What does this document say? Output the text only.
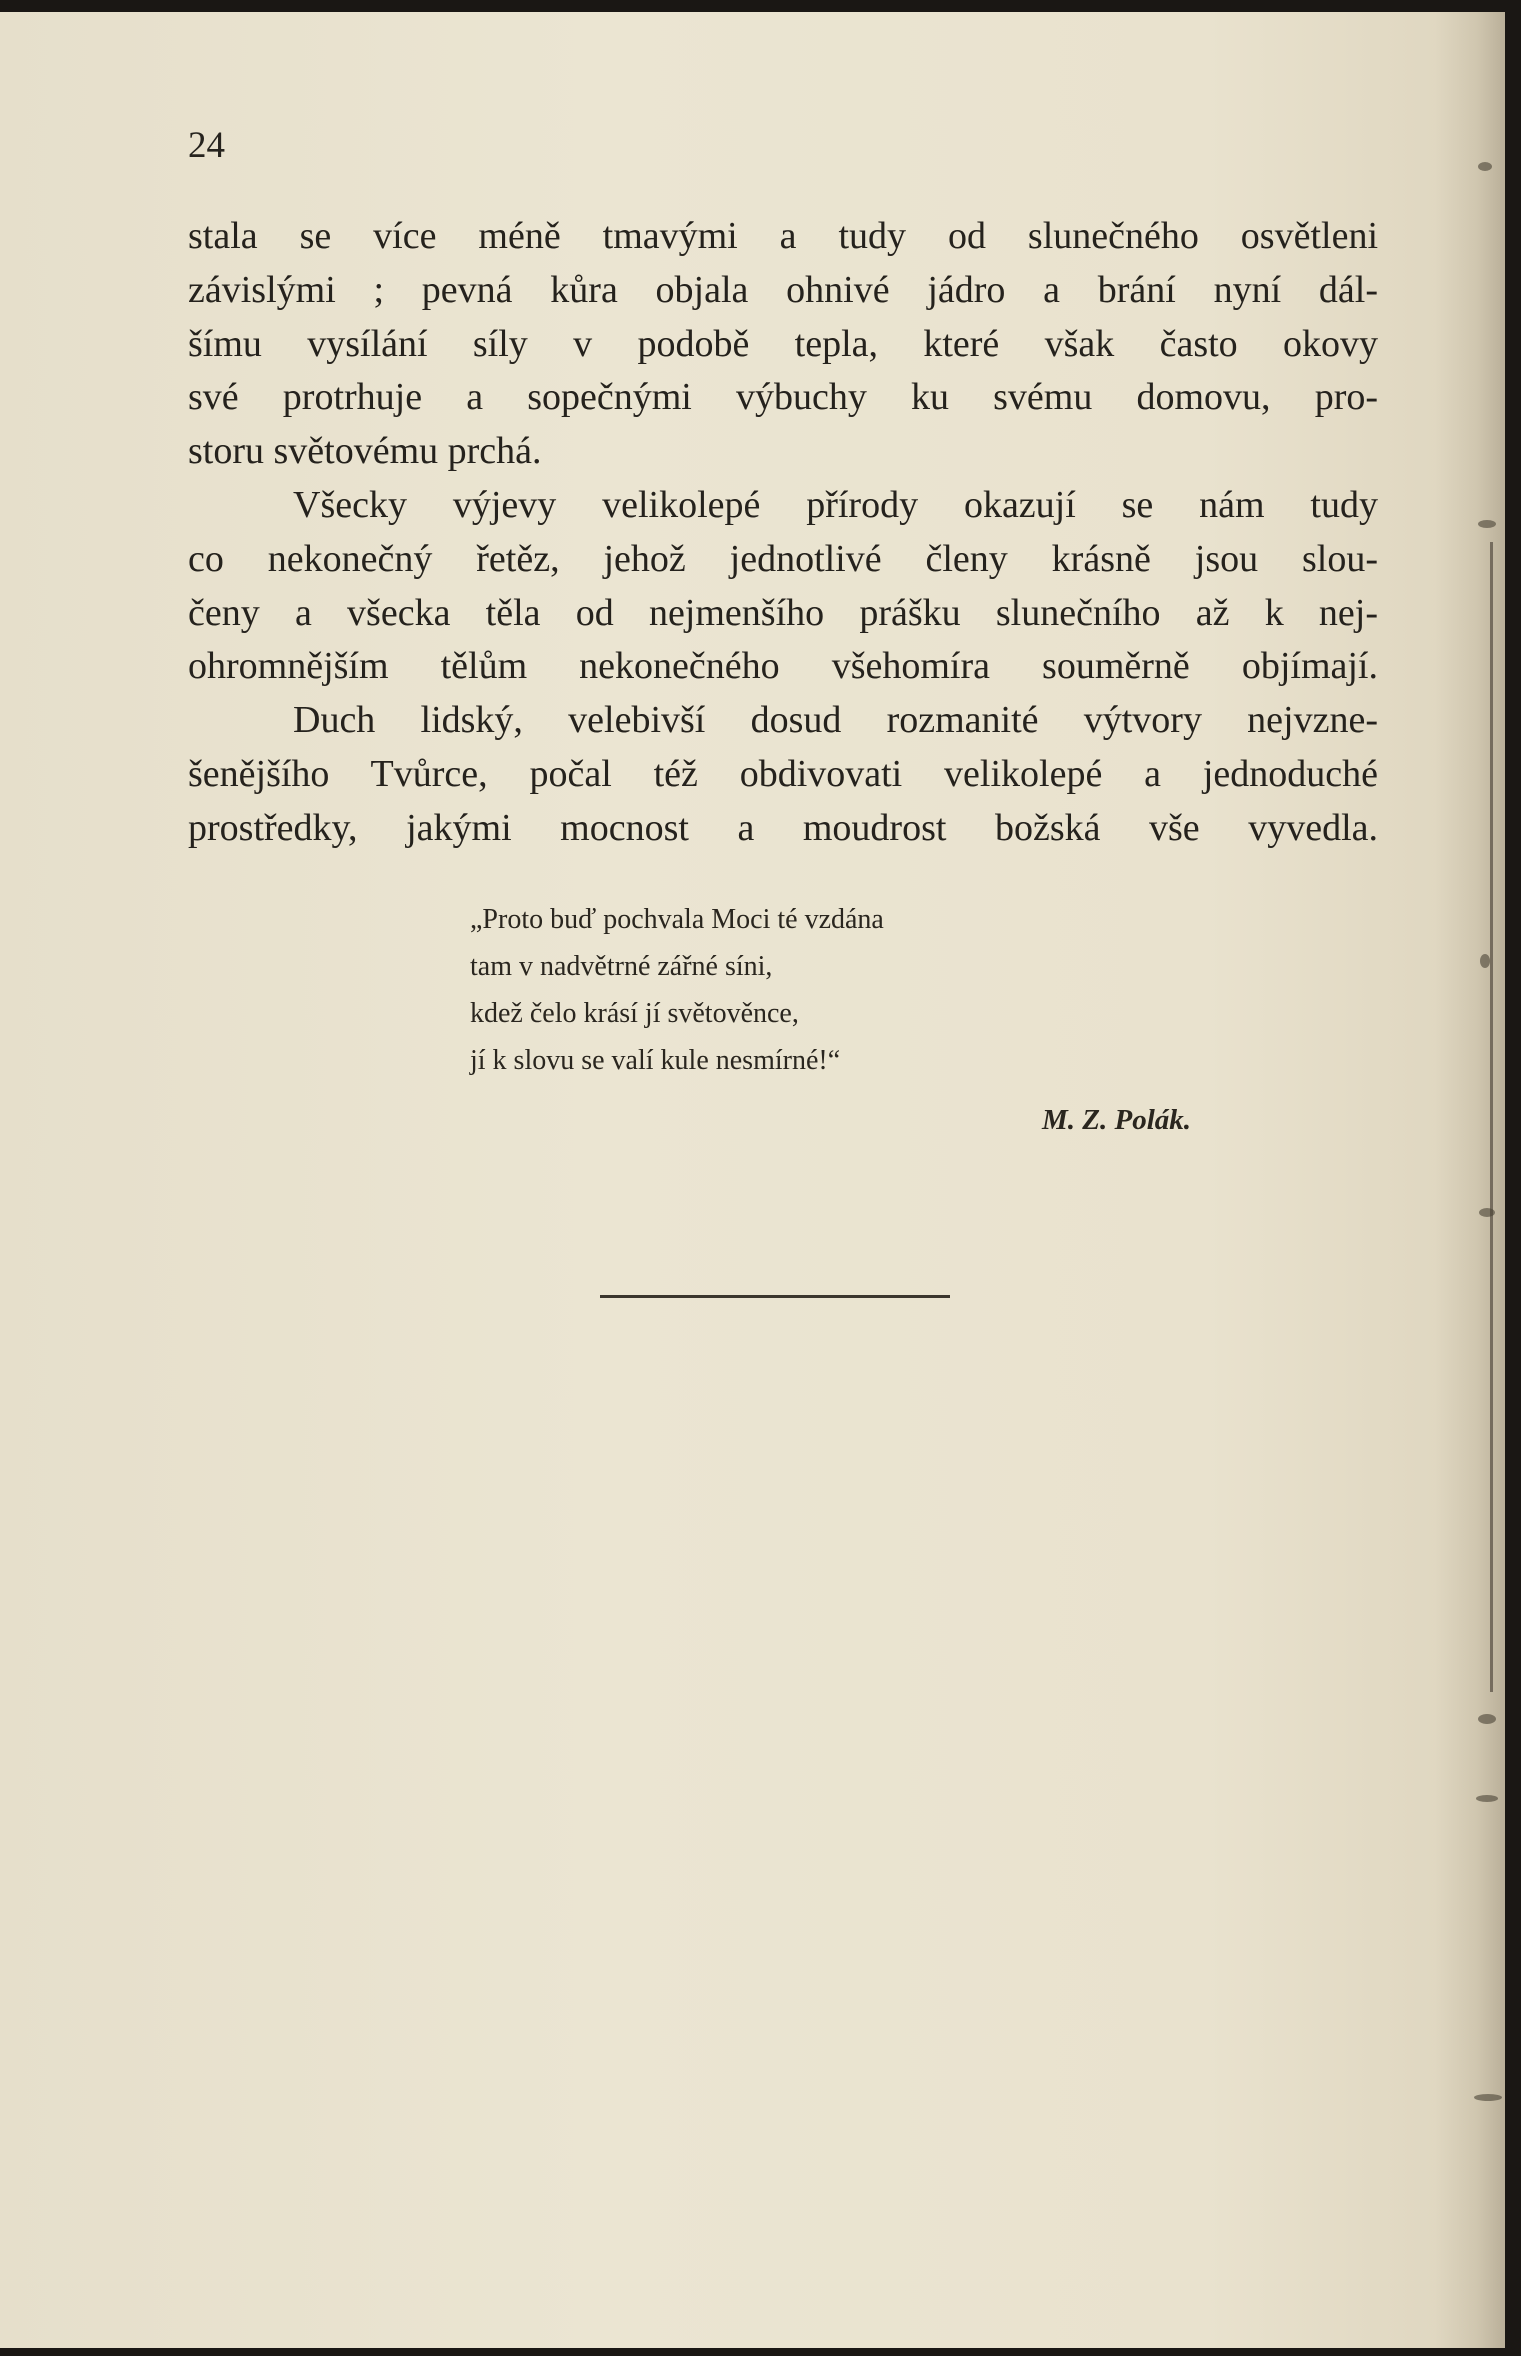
24

stala se více méně tmavými a tudy od slunečného osvětleni
závislými ; pevná kůra objala ohnivé jádro a brání nyní dál-
šímu vysílání síly v podobě tepla, které však často okovy
své protrhuje a sopečnými výbuchy ku svému domovu, pro-
storu světovému prchá.

Všecky výjevy velikolepé přírody okazují se nám tudy
co nekonečný řetěz, jehož jednotlivé členy krásně jsou slou-
čeny a všecka těla od nejmenšího prášku slunečního až k nej-
ohromnějším tělům nekonečného všehomíra souměrně objímají.

Duch lidský, velebivší dosud rozmanité výtvory nejvzne-
šenějšího Tvůrce, počal též obdivovati velikolepé a jednoduché
prostředky, jakými mocnost a moudrost božská vše vyvedla.

„Proto buď pochvala Moci té vzdána
tam v nadvětrné zářné síni,
kdež čelo krásí jí světověnce,
jí k slovu se valí kule nesmírné!“
M. Z. Polák.
